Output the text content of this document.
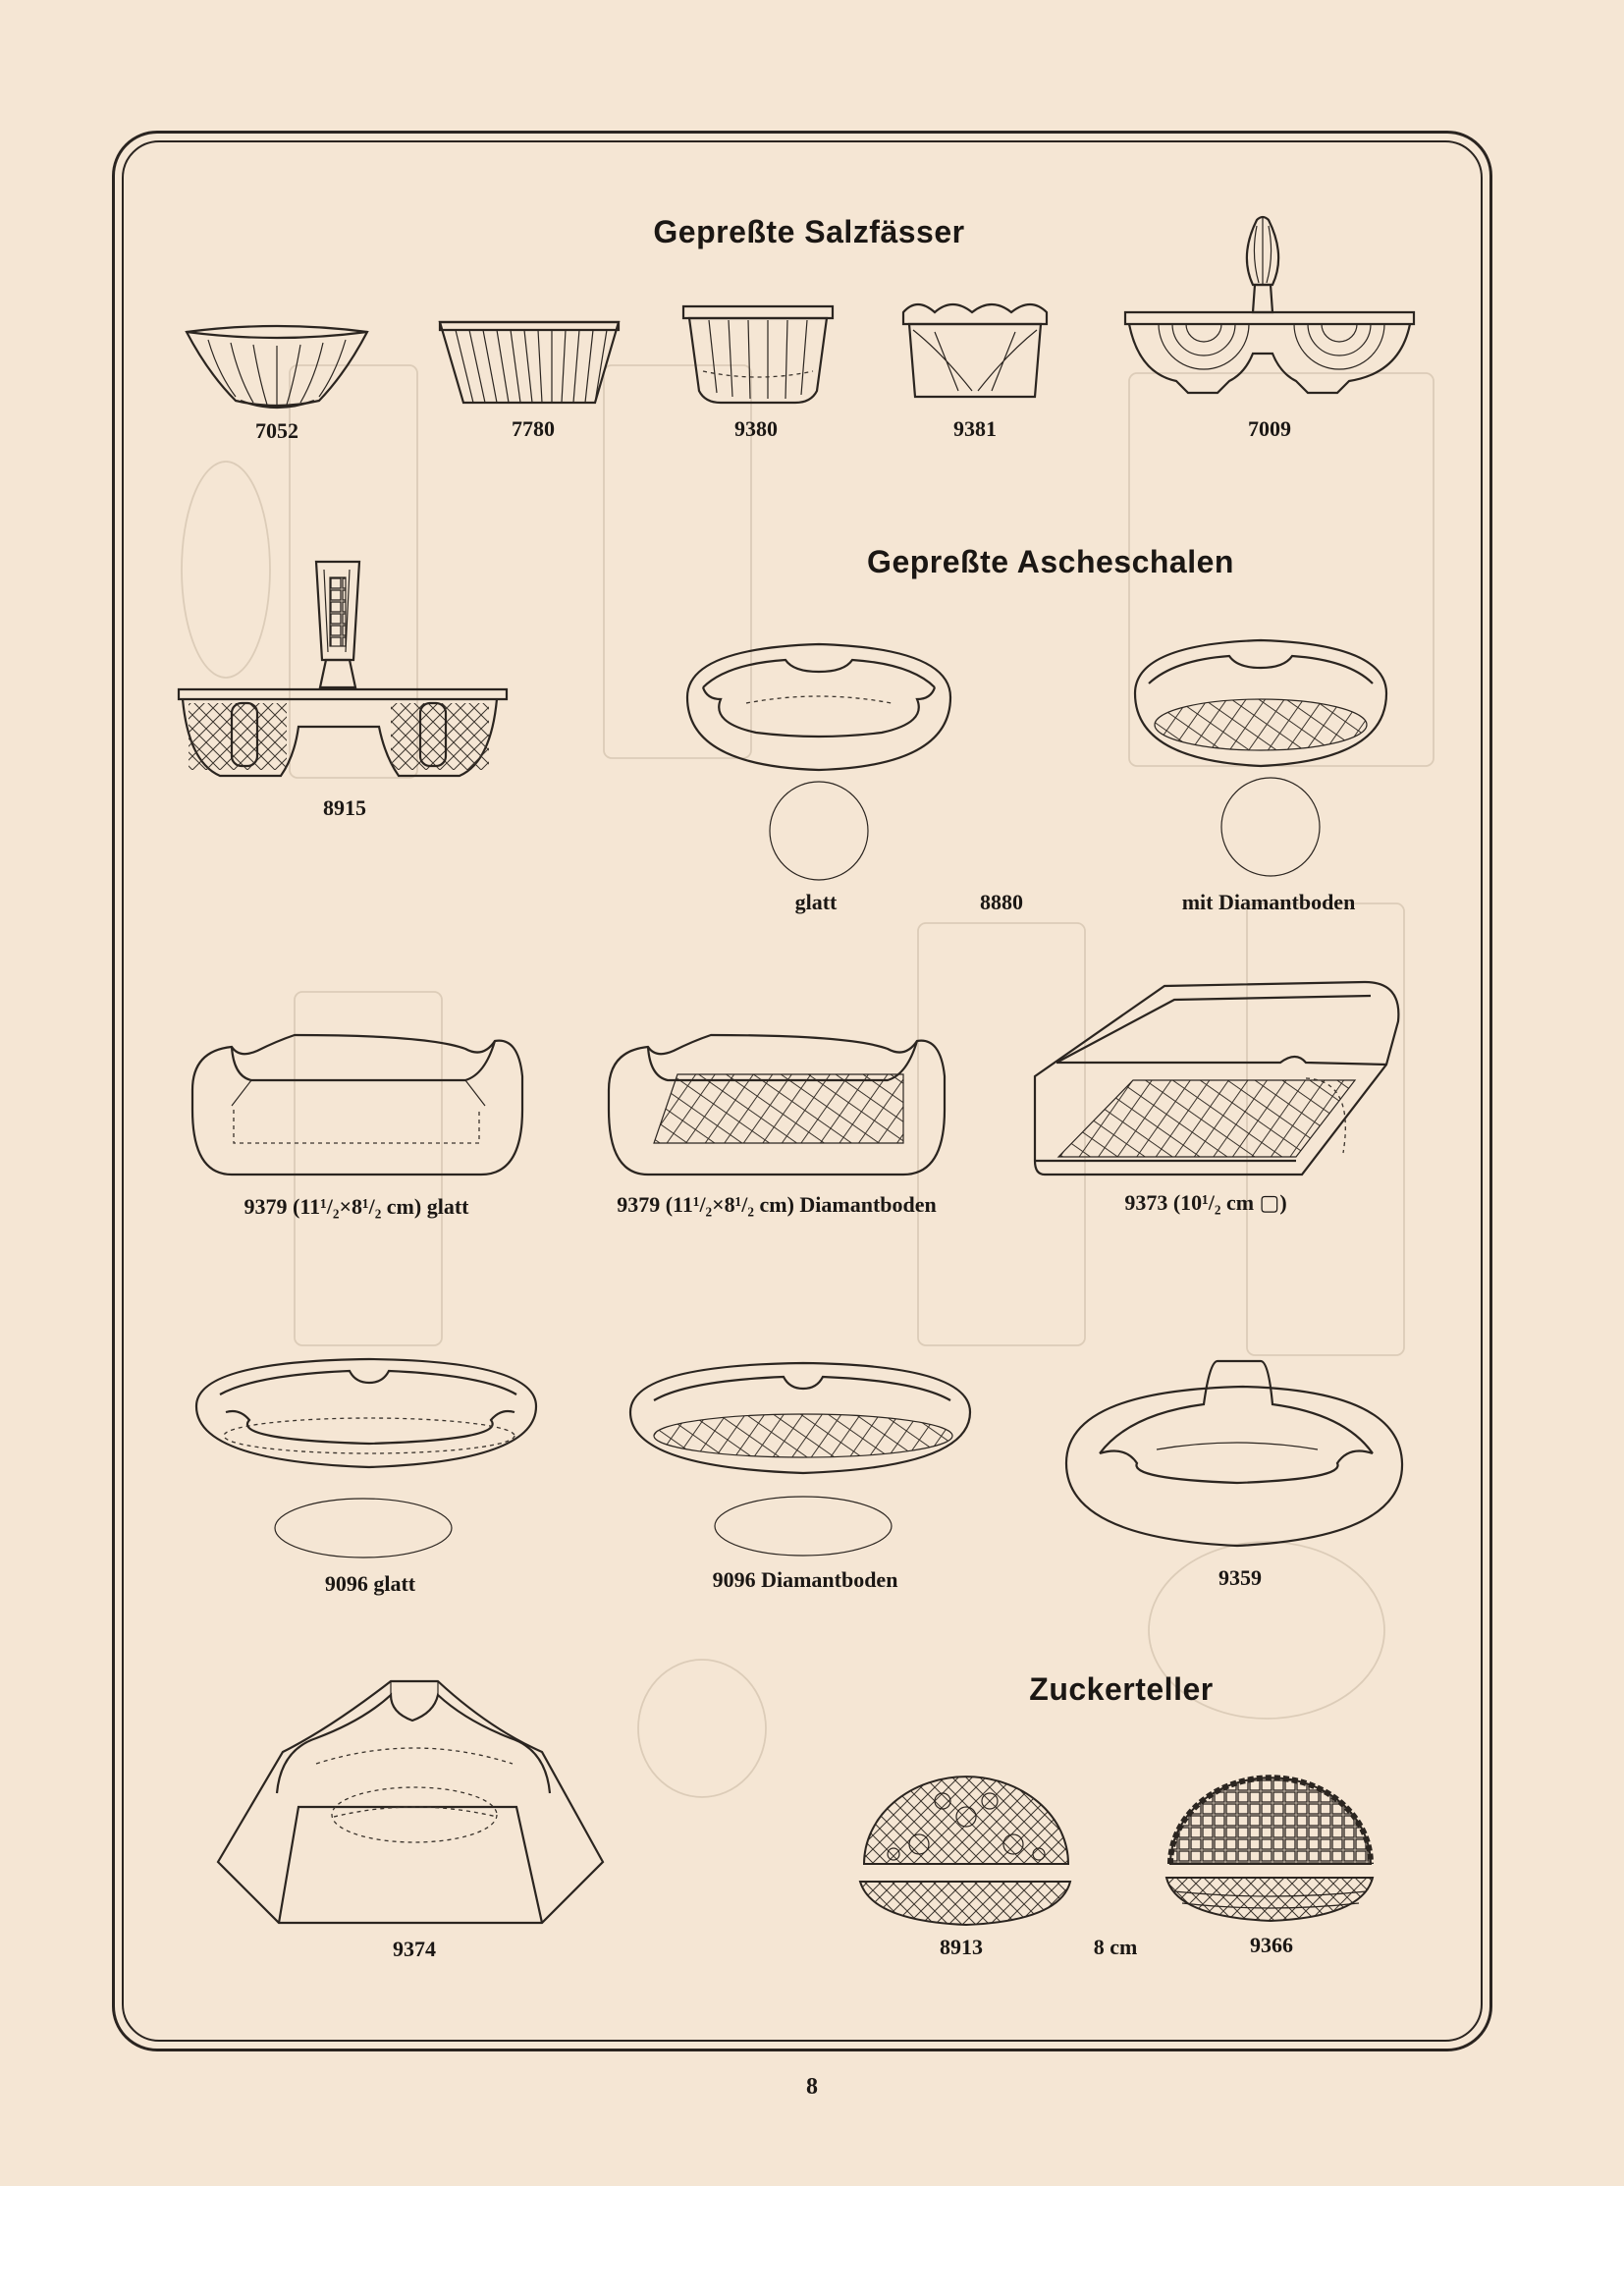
Gepreßte Salzfässer
Gepreßte Ascheschalen
Zuckerteller
7052	7780	9380	9381	7009
8915
glatt	8880	mit Diamantboden
9379 (11¹/₂×8¹/₂ cm) glatt	9379 (11¹/₂×8¹/₂ cm) Diamantboden	9373 (10¹/₂ cm ▢)
9096 glatt	9096 Diamantboden	9359
9374	8913	8 cm	9366
8
